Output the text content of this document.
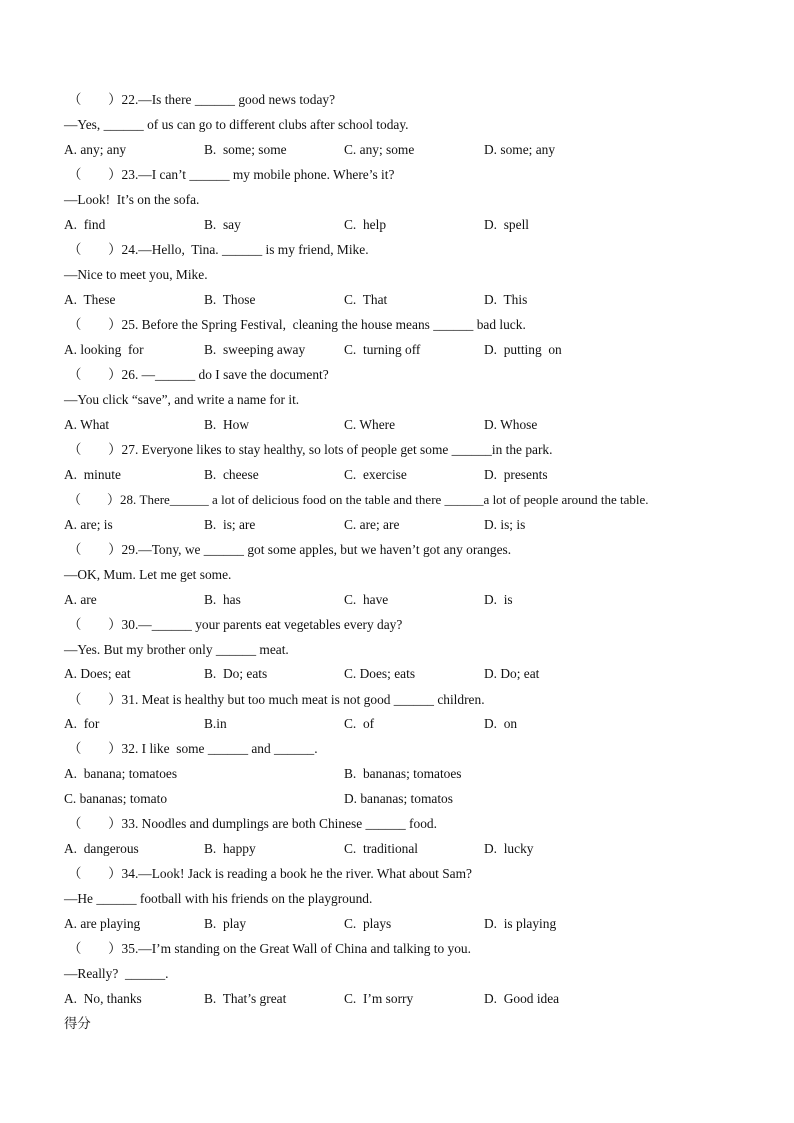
（　　）22.—Is there ______ good news today?
—Yes, ______ of us can go to different clubs after school today.
A. any; any	B.  some; some	C. any; some	D. some; any
（　　）23.—I can’t ______ my mobile phone. Where’s it?
—Look!  It’s on the sofa.
A.  find	B.  say	C.  help	D.  spell
（　　）24.—Hello,  Tina. ______ is my friend, Mike.
—Nice to meet you, Mike.
A.  These	B.  Those	C.  That	D.  This
（　　）25. Before the Spring Festival,  cleaning the house means ______ bad luck.
A. looking  for	B.  sweeping away	C.  turning off	D.  putting  on
（　　）26. —______ do I save the document?
—You click “save”, and write a name for it.
A. What	B.  How	C. Where	D. Whose
（　　）27. Everyone likes to stay healthy, so lots of people get some ______in the park.
A.  minute	B.  cheese	C.  exercise	D.  presents
（　　）28. There______ a lot of delicious food on the table and there ______a lot of people around the table.
A. are; is	B.  is; are	C. are; are	D. is; is
（　　）29.—Tony, we ______ got some apples, but we haven’t got any oranges.
—OK, Mum. Let me get some.
A. are	B.  has	C.  have	D.  is
（　　）30.—______ your parents eat vegetables every day?
—Yes. But my brother only ______ meat.
A. Does; eat	B.  Do; eats	C. Does; eats	D. Do; eat
（　　）31. Meat is healthy but too much meat is not good ______ children.
A.  for	B.in	C.  of	D.  on
（　　）32. I like  some ______ and ______.
A.  banana; tomatoes	B.  bananas; tomatoes
C. bananas; tomato	D. bananas; tomatos
（　　）33. Noodles and dumplings are both Chinese ______ food.
A.  dangerous	B.  happy	C.  traditional	D.  lucky
（　　）34.—Look! Jack is reading a book he the river. What about Sam?
—He ______ football with his friends on the playground.
A. are playing	B.  play	C.  plays	D.  is playing
（　　）35.—I’m standing on the Great Wall of China and talking to you.
—Really?  ______.
A.  No, thanks	B.  That’s great	C.  I’m sorry	D.  Good idea
得分
